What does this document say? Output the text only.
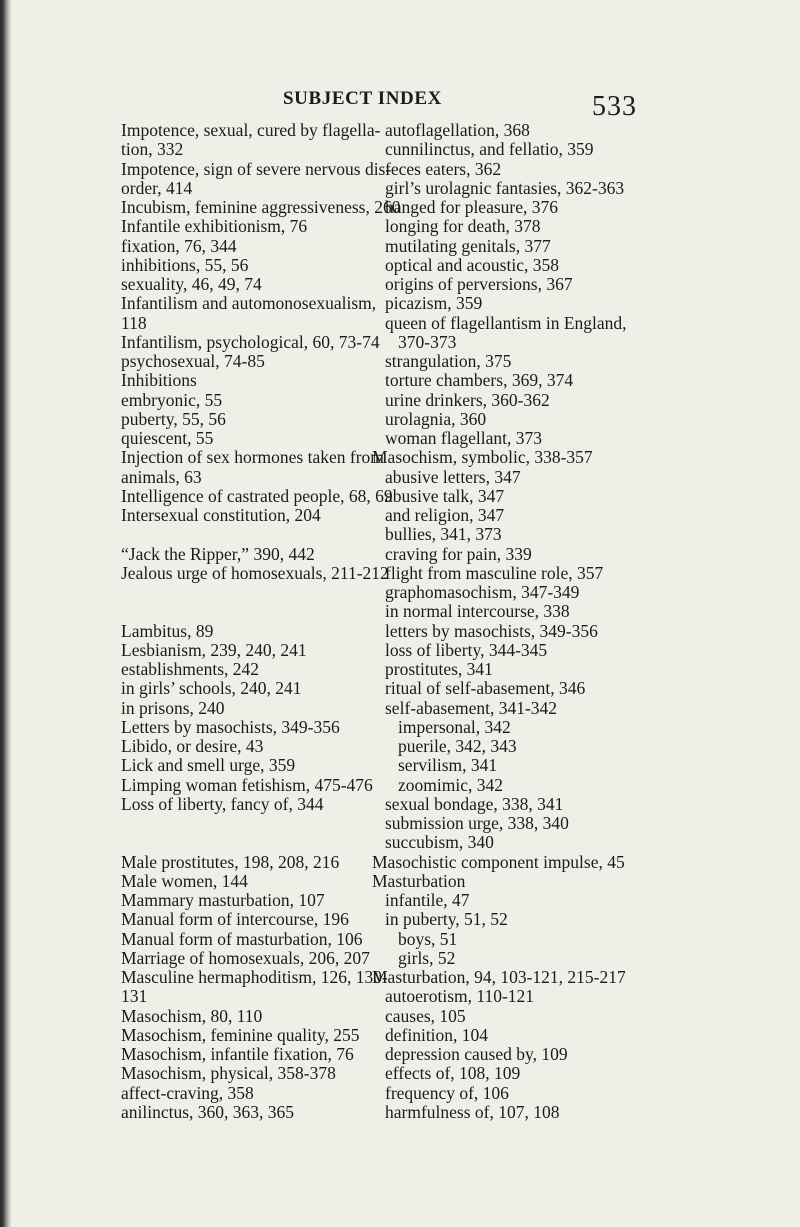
SUBJECT INDEX	533
Impotence, sexual, cured by flagella-
tion, 332
Impotence, sign of severe nervous dis-
order, 414
Incubism, feminine aggressiveness, 260
Infantile exhibitionism, 76
fixation, 76, 344
inhibitions, 55, 56
sexuality, 46, 49, 74
Infantilism and automonosexualism,
118
Infantilism, psychological, 60, 73-74
psychosexual, 74-85
Inhibitions
embryonic, 55
puberty, 55, 56
quiescent, 55
Injection of sex hormones taken from
animals, 63
Intelligence of castrated people, 68, 69
Intersexual constitution, 204
“Jack the Ripper,” 390, 442
Jealous urge of homosexuals, 211-212
Lambitus, 89
Lesbianism, 239, 240, 241
establishments, 242
in girls’ schools, 240, 241
in prisons, 240
Letters by masochists, 349-356
Libido, or desire, 43
Lick and smell urge, 359
Limping woman fetishism, 475-476
Loss of liberty, fancy of, 344
Male prostitutes, 198, 208, 216
Male women, 144
Mammary masturbation, 107
Manual form of intercourse, 196
Manual form of masturbation, 106
Marriage of homosexuals, 206, 207
Masculine hermaphoditism, 126, 130-
131
Masochism, 80, 110
Masochism, feminine quality, 255
Masochism, infantile fixation, 76
Masochism, physical, 358-378
affect-craving, 358
anilinctus, 360, 363, 365
autoflagellation, 368
cunnilinctus, and fellatio, 359
feces eaters, 362
girl’s urolagnic fantasies, 362-363
hanged for pleasure, 376
longing for death, 378
mutilating genitals, 377
optical and acoustic, 358
origins of perversions, 367
picazism, 359
queen of flagellantism in England,
370-373
strangulation, 375
torture chambers, 369, 374
urine drinkers, 360-362
urolagnia, 360
woman flagellant, 373
Masochism, symbolic, 338-357
abusive letters, 347
abusive talk, 347
and religion, 347
bullies, 341, 373
craving for pain, 339
flight from masculine role, 357
graphomasochism, 347-349
in normal intercourse, 338
letters by masochists, 349-356
loss of liberty, 344-345
prostitutes, 341
ritual of self-abasement, 346
self-abasement, 341-342
impersonal, 342
puerile, 342, 343
servilism, 341
zoomimic, 342
sexual bondage, 338, 341
submission urge, 338, 340
succubism, 340
Masochistic component impulse, 45
Masturbation
infantile, 47
in puberty, 51, 52
boys, 51
girls, 52
Masturbation, 94, 103-121, 215-217
autoerotism, 110-121
causes, 105
definition, 104
depression caused by, 109
effects of, 108, 109
frequency of, 106
harmfulness of, 107, 108
